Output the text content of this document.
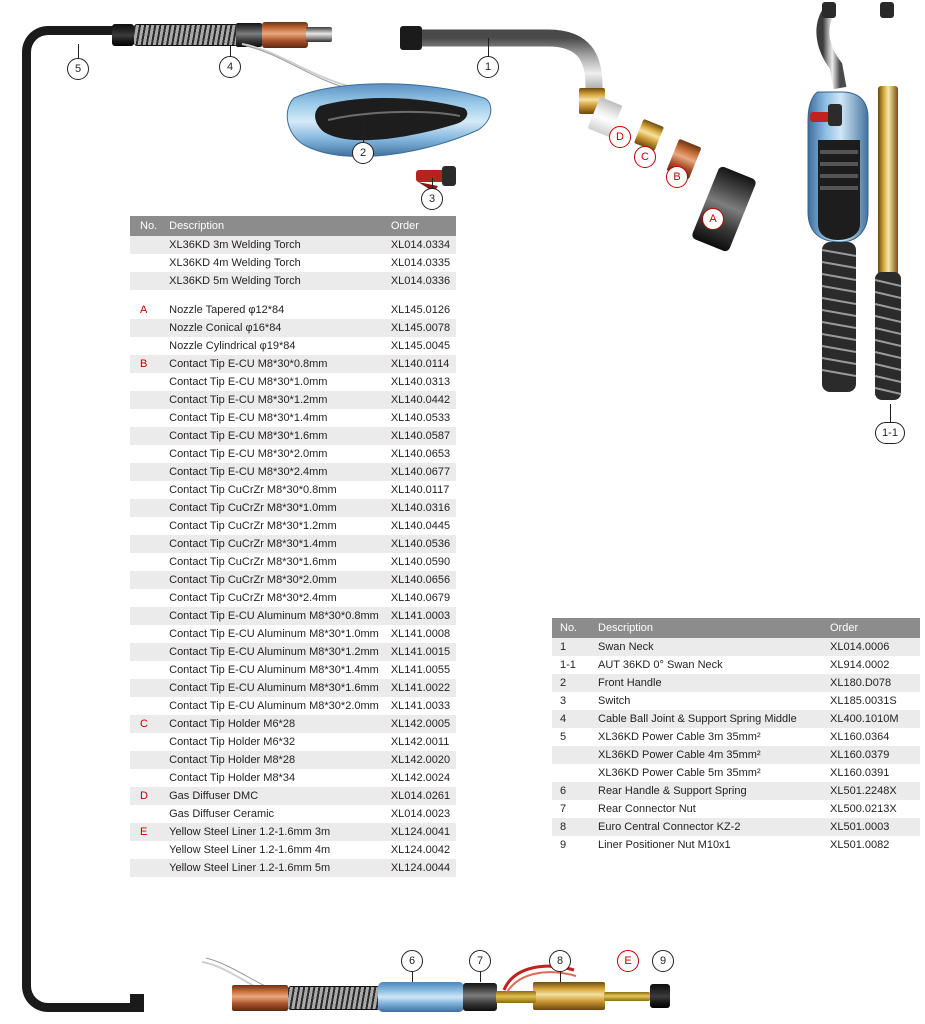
5	4	1
2
3
D
C
B
A
1-1
6	7	8	E	9
No.	Description	Order
	XL36KD 3m Welding Torch	XL014.0334
	XL36KD 4m Welding Torch	XL014.0335
	XL36KD 5m Welding Torch	XL014.0336

A	Nozzle Tapered φ12*84	XL145.0126
	Nozzle Conical φ16*84	XL145.0078
	Nozzle Cylindrical φ19*84	XL145.0045
B	Contact Tip E-CU M8*30*0.8mm	XL140.0114
	Contact Tip E-CU M8*30*1.0mm	XL140.0313
	Contact Tip E-CU M8*30*1.2mm	XL140.0442
	Contact Tip E-CU M8*30*1.4mm	XL140.0533
	Contact Tip E-CU M8*30*1.6mm	XL140.0587
	Contact Tip E-CU M8*30*2.0mm	XL140.0653
	Contact Tip E-CU M8*30*2.4mm	XL140.0677
	Contact Tip CuCrZr M8*30*0.8mm	XL140.0117
	Contact Tip CuCrZr M8*30*1.0mm	XL140.0316
	Contact Tip CuCrZr M8*30*1.2mm	XL140.0445
	Contact Tip CuCrZr M8*30*1.4mm	XL140.0536
	Contact Tip CuCrZr M8*30*1.6mm	XL140.0590
	Contact Tip CuCrZr M8*30*2.0mm	XL140.0656
	Contact Tip CuCrZr M8*30*2.4mm	XL140.0679
	Contact Tip E-CU Aluminum M8*30*0.8mm	XL141.0003
	Contact Tip E-CU Aluminum M8*30*1.0mm	XL141.0008
	Contact Tip E-CU Aluminum M8*30*1.2mm	XL141.0015
	Contact Tip E-CU Aluminum M8*30*1.4mm	XL141.0055
	Contact Tip E-CU Aluminum M8*30*1.6mm	XL141.0022
	Contact Tip E-CU Aluminum M8*30*2.0mm	XL141.0033
C	Contact Tip Holder M6*28	XL142.0005
	Contact Tip Holder M6*32	XL142.0011
	Contact Tip Holder M8*28	XL142.0020
	Contact Tip Holder M8*34	XL142.0024
D	Gas Diffuser DMC	XL014.0261
	Gas Diffuser Ceramic	XL014.0023
E	Yellow Steel Liner 1.2-1.6mm 3m	XL124.0041
	Yellow Steel Liner 1.2-1.6mm 4m	XL124.0042
	Yellow Steel Liner 1.2-1.6mm 5m	XL124.0044
No.	Description	Order
1	Swan Neck	XL014.0006
1-1	AUT 36KD 0° Swan Neck	XL914.0002
2	Front Handle	XL180.D078
3	Switch	XL185.0031S
4	Cable Ball Joint & Support Spring Middle	XL400.1010M
5	XL36KD Power Cable 3m 35mm²	XL160.0364
	XL36KD Power Cable 4m 35mm²	XL160.0379
	XL36KD Power Cable 5m 35mm²	XL160.0391
6	Rear Handle & Support Spring	XL501.2248X
7	Rear Connector Nut	XL500.0213X
8	Euro Central Connector KZ-2	XL501.0003
9	Liner Positioner Nut M10x1	XL501.0082
